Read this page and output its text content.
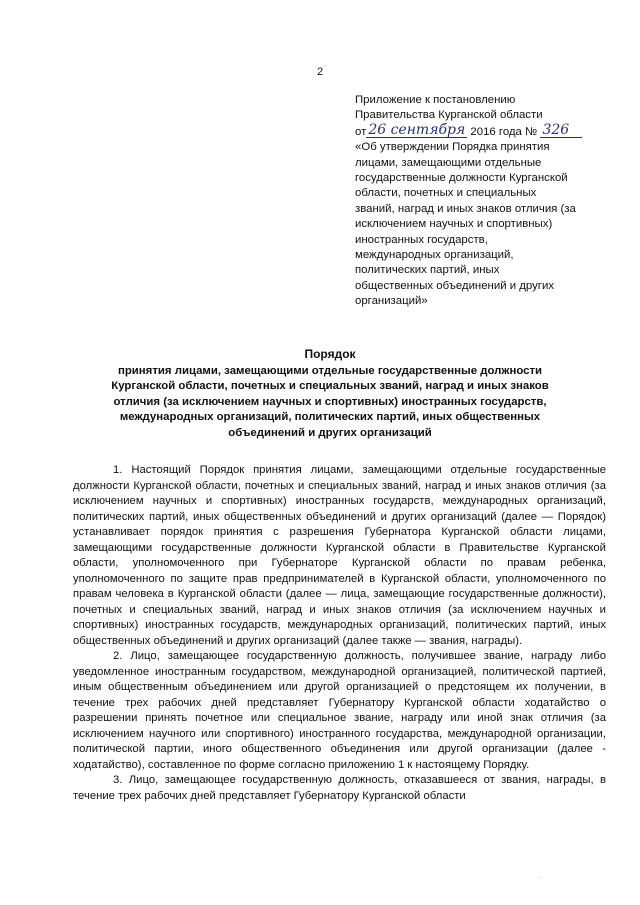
2
Приложение к постановлению
Правительства Курганской области
от 26 сентября 2016 года № 326
«Об утверждении Порядка принятия
лицами, замещающими отдельные
государственные должности Курганской
области, почетных и специальных
званий, наград и иных знаков отличия (за
исключением научных и спортивных)
иностранных государств,
международных организаций,
политических партий, иных
общественных объединений и других
организаций»
Порядок
принятия лицами, замещающими отдельные государственные должности
Курганской области, почетных и специальных званий, наград и иных знаков
отличия (за исключением научных и спортивных) иностранных государств,
международных организаций, политических партий, иных общественных
объединений и других организаций

1. Настоящий Порядок принятия лицами, замещающими отдельные государственные должности Курганской области, почетных и специальных званий, наград и иных знаков отличия (за исключением научных и спортивных) иностранных государств, международных организаций, политических партий, иных общественных объединений и других организаций (далее — Порядок) устанавливает порядок принятия с разрешения Губернатора Курганской области лицами, замещающими государственные должности Курганской области в Правительстве Курганской области, уполномоченного при Губернаторе Курганской области по правам ребенка, уполномоченного по защите прав предпринимателей в Курганской области, уполномоченного по правам человека в Курганской области (далее — лица, замещающие государственные должности), почетных и специальных званий, наград и иных знаков отличия (за исключением научных и спортивных) иностранных государств, международных организаций, политических партий, иных общественных объединений и других организаций (далее также — звания, награды).

2. Лицо, замещающее государственную должность, получившее звание, награду либо уведомленное иностранным государством, международной организацией, политической партией, иным общественным объединением или другой организацией о предстоящем их получении, в течение трех рабочих дней представляет Губернатору Курганской области ходатайство о разрешении принять почетное или специальное звание, награду или иной знак отличия (за исключением научного или спортивного) иностранного государства, международной организации, политической партии, иного общественного объединения или другой организации (далее - ходатайство), составленное по форме согласно приложению 1 к настоящему Порядку.

3. Лицо, замещающее государственную должность, отказавшееся от звания, награды, в течение трех рабочих дней представляет Губернатору Курганской области

·
